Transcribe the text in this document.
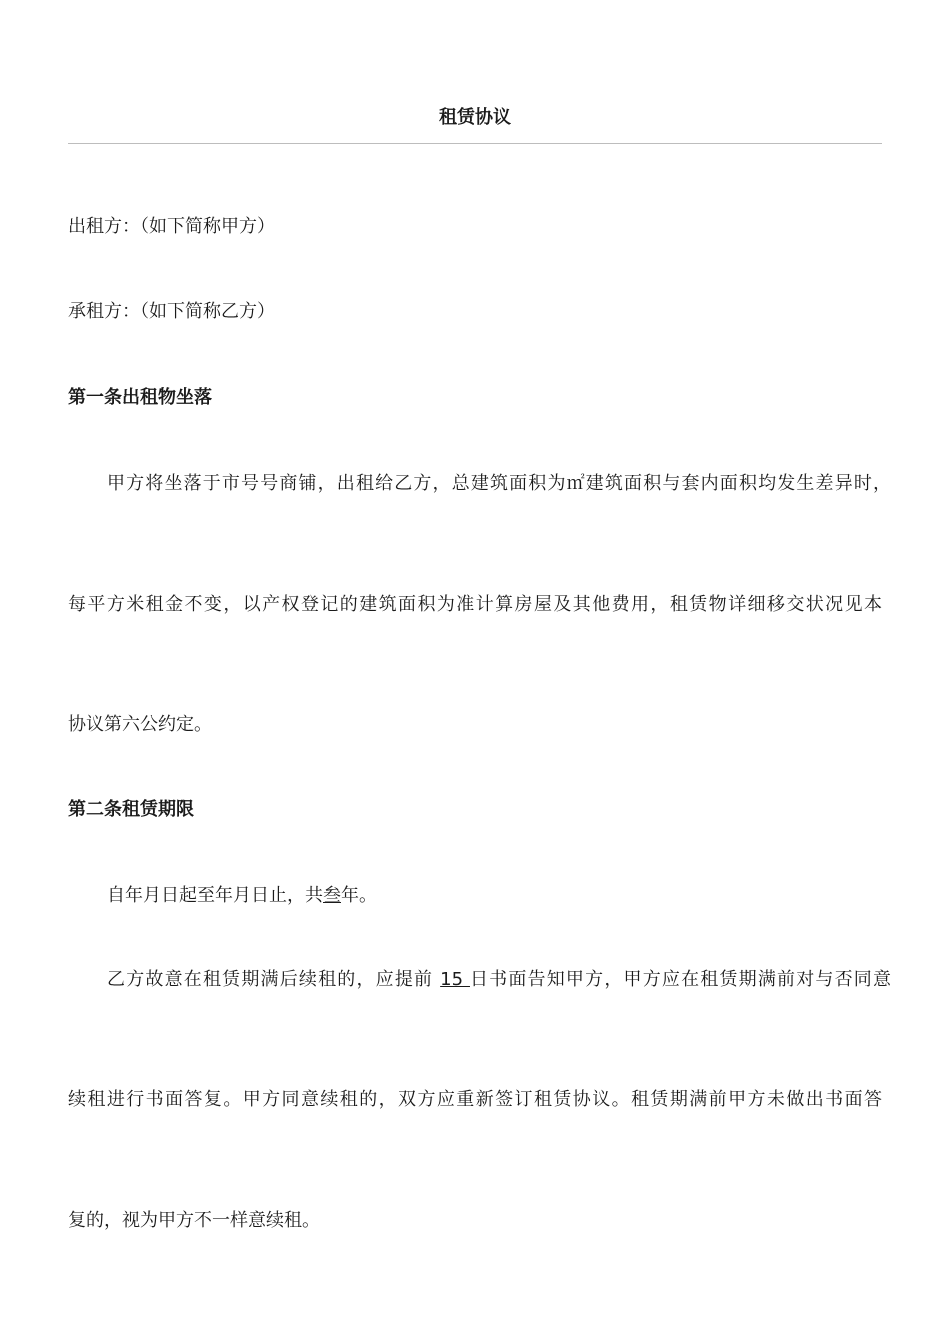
租赁协议
出租方：（如下简称甲方）
承租方：（如下简称乙方）
第一条出租物坐落
甲方将坐落于市号号商铺，出租给乙方，总建筑面积为㎡建筑面积与套内面积均发生差异时，
每平方米租金不变，以产权登记的建筑面积为准计算房屋及其他费用，租赁物详细移交状况见本
协议第六公约定。
第二条租赁期限
自年月日起至年月日止，共叁年。
乙方故意在租赁期满后续租的，应提前 15 日书面告知甲方，甲方应在租赁期满前对与否同意
续租进行书面答复。甲方同意续租的，双方应重新签订租赁协议。租赁期满前甲方未做出书面答
复的，视为甲方不一样意续租。
